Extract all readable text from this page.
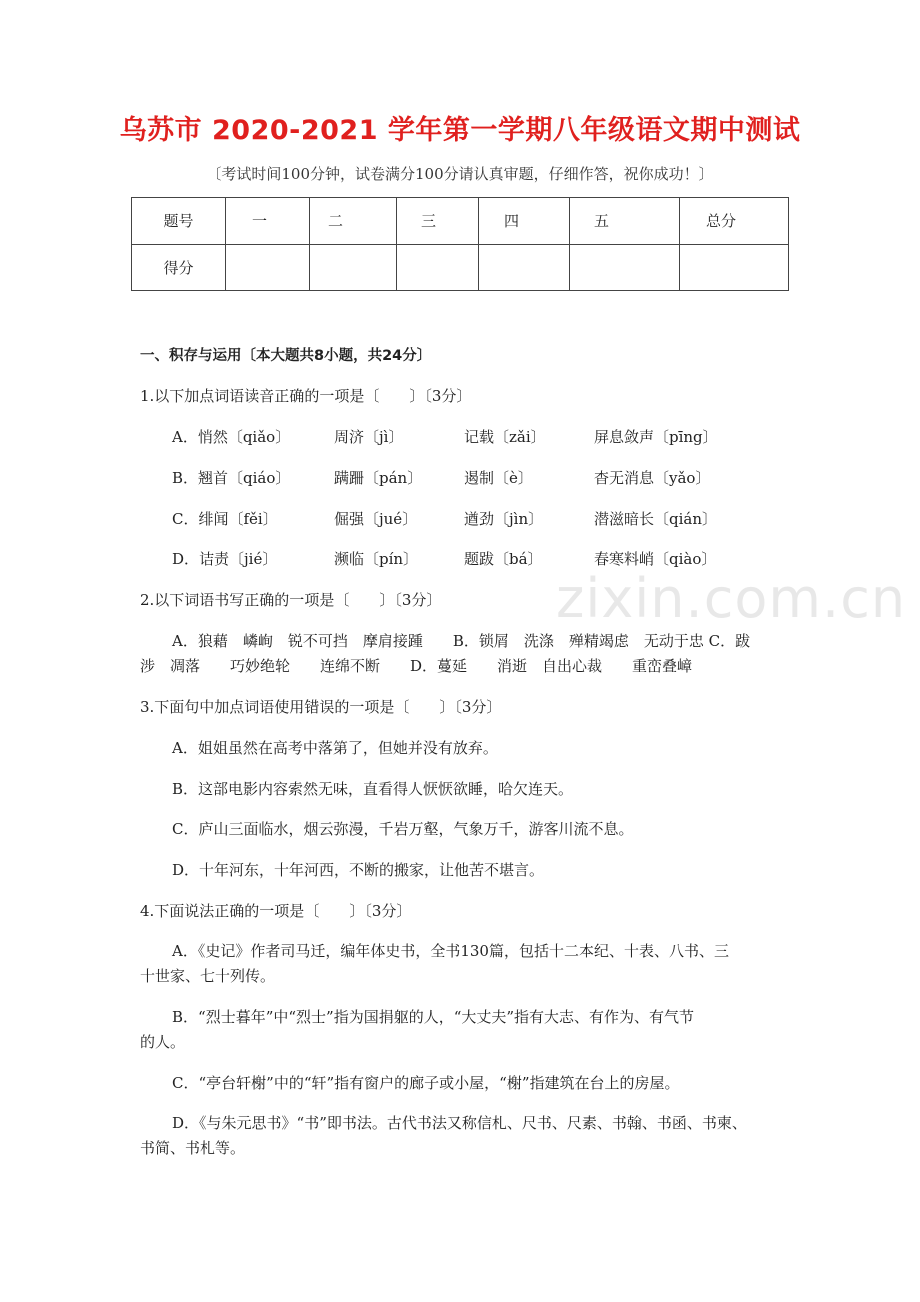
乌苏市 2020-2021 学年第一学期八年级语文期中测试
〔考试时间100分钟，试卷满分100分请认真审题，仔细作答，祝你成功！〕
题号	一	二	三	四	五	总分
得分						
一、积存与运用〔本大题共8小题，共24分〕
1.以下加点词语读音正确的一项是〔　　〕〔3分〕
A．悄然〔qiǎo〕	周济〔jì〕	记载〔zǎi〕	屏息敛声〔pīng〕
B．翘首〔qiáo〕	蹒跚〔pán〕	遏制〔è〕	杳无消息〔yǎo〕
C．绯闻〔fěi〕	倔强〔jué〕	遒劲〔jìn〕	潜滋暗长〔qián〕
D．诘责〔jié〕	濒临〔pín〕	题跋〔bá〕	春寒料峭〔qiào〕
2.以下词语书写正确的一项是〔　　〕〔3分〕
A．狼藉　嶙峋　锐不可挡　摩肩接踵　　B．锁屑　洗涤　殚精竭虑　无动于忠 C．跋
涉　凋落　　巧妙绝轮　　连绵不断　　D．蔓延　　消逝　自出心裁　　重峦叠嶂
zixin.com.cn
3.下面句中加点词语使用错误的一项是〔　　〕〔3分〕
A．姐姐虽然在高考中落第了，但她并没有放弃。
B．这部电影内容索然无味，直看得人恹恹欲睡，哈欠连天。
C．庐山三面临水，烟云弥漫，千岩万壑，气象万千，游客川流不息。
D．十年河东，十年河西，不断的搬家，让他苦不堪言。
4.下面说法正确的一项是〔　　〕〔3分〕
A．《史记》作者司马迁，编年体史书，全书130篇，包括十二本纪、十表、八书、三
十世家、七十列传。
B．“烈士暮年”中“烈士”指为国捐躯的人，“大丈夫”指有大志、有作为、有气节
的人。
C．“亭台轩榭”中的“轩”指有窗户的廊子或小屋，“榭”指建筑在台上的房屋。
D．《与朱元思书》“书”即书法。古代书法又称信札、尺书、尺素、书翰、书函、书柬、
书简、书札等。
